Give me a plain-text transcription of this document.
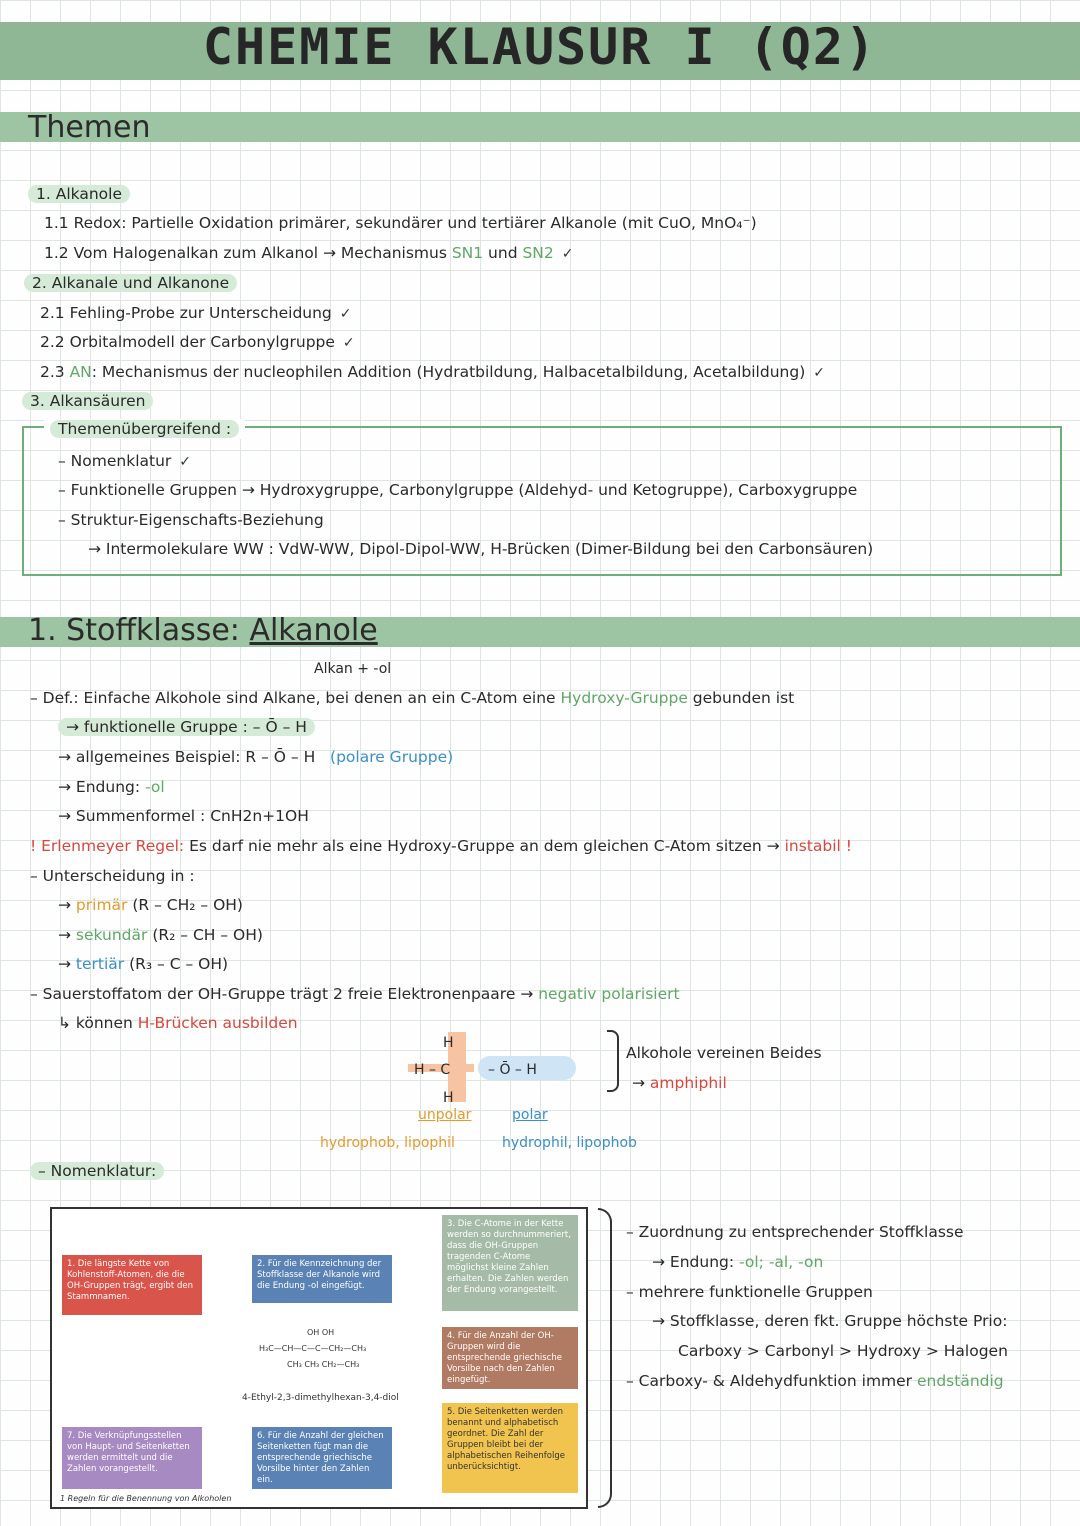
CHEMIE KLAUSUR I (Q2)
Themen
1. Alkanole
1.1 Redox: Partielle Oxidation primärer, sekundärer und tertiärer Alkanole (mit CuO, MnO₄⁻)
1.2 Vom Halogenalkan zum Alkanol → Mechanismus SN1 und SN2 ✓
2. Alkanale und Alkanone
2.1 Fehling-Probe zur Unterscheidung ✓
2.2 Orbitalmodell der Carbonylgruppe ✓
2.3 AN: Mechanismus der nucleophilen Addition (Hydratbildung, Halbacetalbildung, Acetalbildung) ✓
3. Alkansäuren
Themenübergreifend :
– Nomenklatur ✓
– Funktionelle Gruppen → Hydroxygruppe, Carbonylgruppe (Aldehyd- und Ketogruppe), Carboxygruppe
– Struktur-Eigenschafts-Beziehung
→ Intermolekulare WW : VdW-WW, Dipol-Dipol-WW, H-Brücken (Dimer-Bildung bei den Carbonsäuren)
1. Stoffklasse: Alkanole
Alkan + -ol
– Def.: Einfache Alkohole sind Alkane, bei denen an ein C-Atom eine Hydroxy-Gruppe gebunden ist
→ funktionelle Gruppe : – Ō – H
→ allgemeines Beispiel: R – Ō – H (polare Gruppe)
→ Endung: -ol
→ Summenformel : CnH2n+1OH
! Erlenmeyer Regel: Es darf nie mehr als eine Hydroxy-Gruppe an dem gleichen C-Atom sitzen → instabil !
– Unterscheidung in :
→ primär (R – CH₂ – OH)
→ sekundär (R₂ – CH – OH)
→ tertiär (R₃ – C – OH)
– Sauerstoffatom der OH-Gruppe trägt 2 freie Elektronenpaare → negativ polarisiert
↳ können H-Brücken ausbilden
H
H – C
H
– Ō – H
unpolar	polar
hydrophob, lipophil	hydrophil, lipophob
Alkohole vereinen Beides
→ amphiphil
– Nomenklatur:
1. Die längste Kette von Kohlenstoff-Atomen, die die OH-Gruppen trägt, ergibt den Stammnamen.
2. Für die Kennzeichnung der Stoffklasse der Alkanole wird die Endung -ol eingefügt.
3. Die C-Atome in der Kette werden so durchnummeriert, dass die OH-Gruppen tragenden C-Atome möglichst kleine Zahlen erhalten. Die Zahlen werden der Endung vorangestellt.
4. Für die Anzahl der OH-Gruppen wird die entsprechende griechische Vorsilbe nach den Zahlen eingefügt.
5. Die Seitenketten werden benannt und alphabetisch geordnet. Die Zahl der Gruppen bleibt bei der alphabetischen Reihenfolge unberücksichtigt.
6. Für die Anzahl der gleichen Seitenketten fügt man die entsprechende griechische Vorsilbe hinter den Zahlen ein.
7. Die Verknüpfungsstellen von Haupt- und Seitenketten werden ermittelt und die Zahlen vorangestellt.
OH OH
H₃C—CH—C—C—CH₂—CH₃
CH₃ CH₃ CH₂—CH₃
4-Ethyl-2,3-dimethylhexan-3,4-diol
1 Regeln für die Benennung von Alkoholen
– Zuordnung zu entsprechender Stoffklasse
→ Endung: -ol; -al, -on
– mehrere funktionelle Gruppen
→ Stoffklasse, deren fkt. Gruppe höchste Prio:
Carboxy > Carbonyl > Hydroxy > Halogen
– Carboxy- & Aldehydfunktion immer endständig
